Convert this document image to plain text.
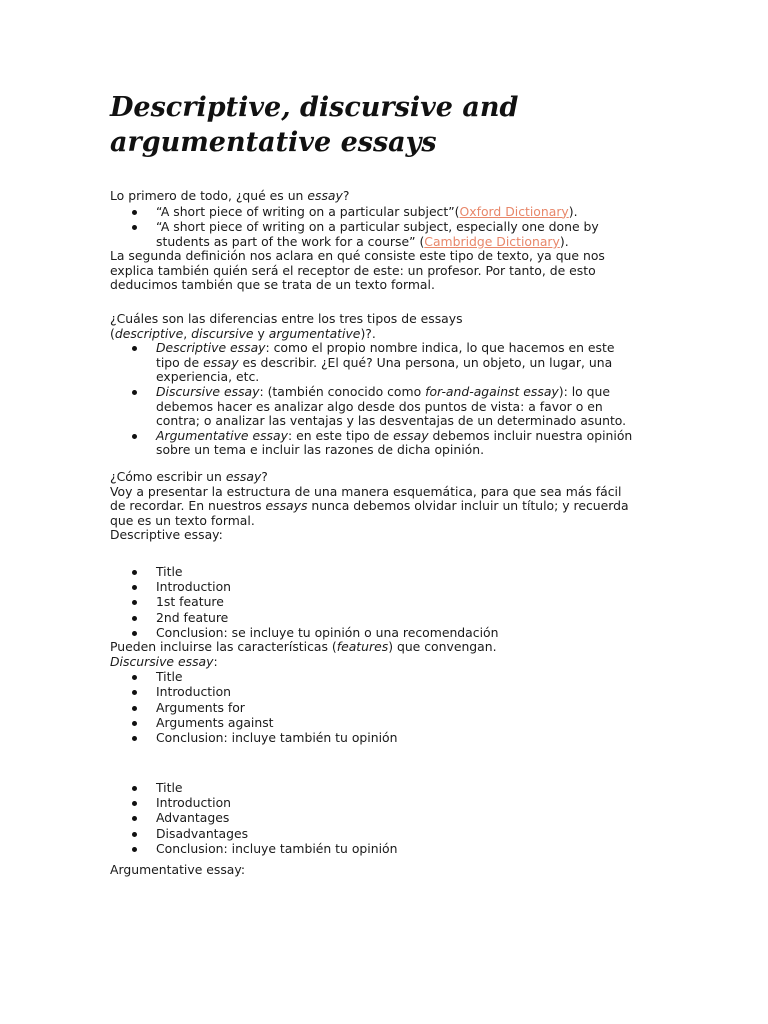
Descriptive, discursive and
argumentative essays
Lo primero de todo, ¿qué es un essay?
“A short piece of writing on a particular subject”(Oxford Dictionary).
“A short piece of writing on a particular subject, especially one done by
students as part of the work for a course” (Cambridge Dictionary).
La segunda definición nos aclara en qué consiste este tipo de texto, ya que nos
explica también quién será el receptor de este: un profesor. Por tanto, de esto
deducimos también que se trata de un texto formal.
¿Cuáles son las diferencias entre los tres tipos de essays
(descriptive, discursive y argumentative)?.
Descriptive essay: como el propio nombre indica, lo que hacemos en este
tipo de essay es describir. ¿El qué? Una persona, un objeto, un lugar, una
experiencia, etc.
Discursive essay: (también conocido como for-and-against essay): lo que
debemos hacer es analizar algo desde dos puntos de vista: a favor o en
contra; o analizar las ventajas y las desventajas de un determinado asunto.
Argumentative essay: en este tipo de essay debemos incluir nuestra opinión
sobre un tema e incluir las razones de dicha opinión.
¿Cómo escribir un essay?
Voy a presentar la estructura de una manera esquemática, para que sea más fácil
de recordar. En nuestros essays nunca debemos olvidar incluir un título; y recuerda
que es un texto formal.
Descriptive essay:
Title
Introduction
1st feature
2nd feature
Conclusion: se incluye tu opinión o una recomendación
Pueden incluirse las características (features) que convengan.
Discursive essay:
Title
Introduction
Arguments for
Arguments against
Conclusion: incluye también tu opinión
Title
Introduction
Advantages
Disadvantages
Conclusion: incluye también tu opinión
Argumentative essay:
